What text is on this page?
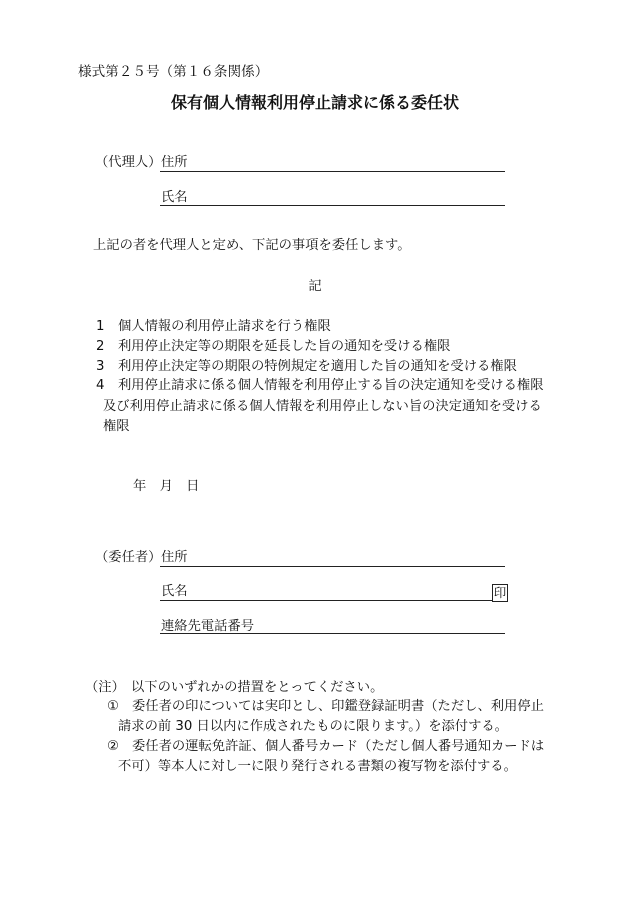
様式第２５号（第１６条関係）
保有個人情報利用停止請求に係る委任状
（代理人） 住所
氏名
上記の者を代理人と定め、下記の事項を委任します。
記
1 個人情報の利用停止請求を行う権限
2 利用停止決定等の期限を延長した旨の通知を受ける権限
3 利用停止決定等の期限の特例規定を適用した旨の通知を受ける権限
4 利用停止請求に係る個人情報を利用停止する旨の決定通知を受ける権限
及び利用停止請求に係る個人情報を利用停止しない旨の決定通知を受ける
権限
年　月　日
（委任者） 住所
氏名	印
連絡先電話番号
（注） 以下のいずれかの措置をとってください。
① 委任者の印については実印とし、印鑑登録証明書（ただし、利用停止
請求の前 30 日以内に作成されたものに限ります。）を添付する。
② 委任者の運転免許証、個人番号カード（ただし個人番号通知カードは
不可）等本人に対し一に限り発行される書類の複写物を添付する。
